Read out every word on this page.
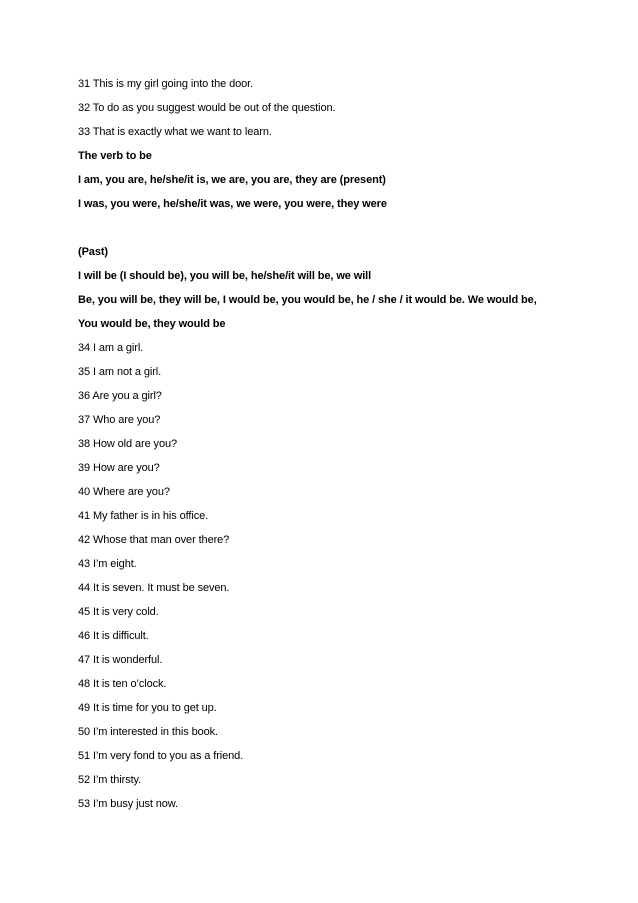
31 This is my girl going into the door.
32 To do as you suggest would be out of the question.
33 That is exactly what we want to learn.
The verb to be
I am, you are, he/she/it is, we are, you are, they are (present)
I was, you were, he/she/it was, we were, you were, they were
(Past)
I will be (I should be), you will be, he/she/it will be, we will
Be, you will be, they will be, I would be, you would be, he / she / it would be. We would be,
You would be, they would be
34 I am a girl.
35 I am not a girl.
36 Are you a girl?
37 Who are you?
38 How old are you?
39 How are you?
40 Where are you?
41 My father is in his office.
42 Whose that man over there?
43 I’m eight.
44 It is seven. It must be seven.
45 It is very cold.
46 It is difficult.
47 It is wonderful.
48 It is ten o’clock.
49 It is time for you to get up.
50 I’m interested in this book.
51 I’m very fond to you as a friend.
52 I’m thirsty.
53 I’m busy just now.
